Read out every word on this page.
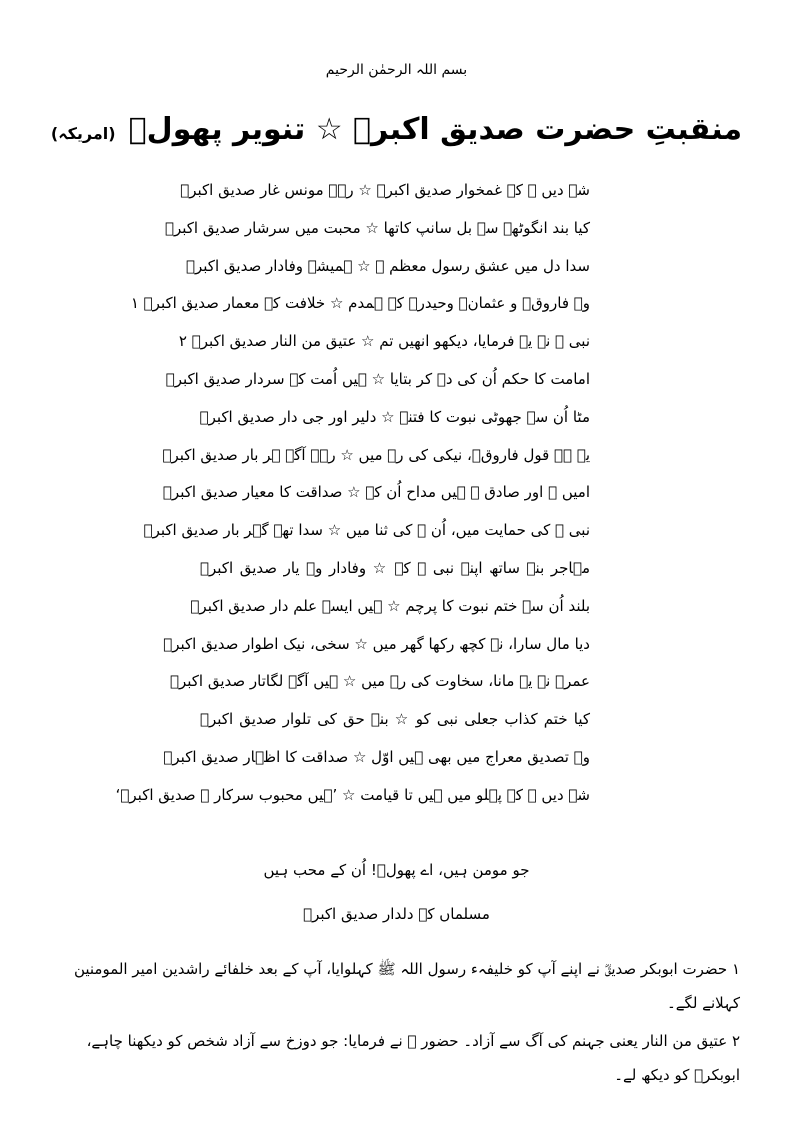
بسم اللہ الرحمٰن الرحیم
منقبتِ حضرت صدیق اکبرؓ ☆ تنویر پھولؔ (امریکہ)
شہ دیں ﷺ کے غمخوار صدیق اکبرؓ ☆ رہے مونس غار صدیق اکبرؓ
کیا بند انگوٹھے سے بل سانپ کاتھا ☆ محبت میں سرشار صدیق اکبرؓ
سدا دل میں عشق رسول معظم ﷺ ☆ ہمیشہ وفادار صدیق اکبرؓ
وہ فاروقؓ و عثمانؓ وحیدرؓ کے ہمدم ☆ خلافت کے معمار صدیق اکبرؓ ۱
نبی ﷺ نے یہ فرمایا، دیکھو انھیں تم ☆ عتیق من النار صدیق اکبرؓ ۲
امامت کا حکم اُن کی دے کر بتایا ☆ ہیں اُمت کے سردار صدیق اکبرؓ
مٹا اُن سے جھوٹی نبوت کا فتنہ ☆ دلیر اور جی دار صدیق اکبرؓ
یہ ہے قول فاروقؓ، نیکی کی رہ میں ☆ رہے آگے ہر بار صدیق اکبرؓ
امیں ﷺ اور صادق ﷺ ہیں مداح اُن کے ☆ صداقت کا معیار صدیق اکبرؓ
نبی ﷺ کی حمایت میں، اُن ﷺ کی ثنا میں ☆ سدا تھے گہر بار صدیق اکبرؓ
مہاجر بنے ساتھ اپنے نبی ﷺ کے ☆ وفادار وہ یار صدیق اکبرؓ
بلند اُن سے ختم نبوت کا پرچم ☆ ہیں ایسے علم دار صدیق اکبرؓ
دیا مال سارا، نہ کچھ رکھا گھر میں ☆ سخی، نیک اطوار صدیق اکبرؓ
عمرؓ نے یہ مانا، سخاوت کی رہ میں ☆ ہیں آگے لگاتار صدیق اکبرؓ
کیا ختم کذاب جعلی نبی کو ☆ بنے حق کی تلوار صدیق اکبرؓ
وہ تصدیق معراج میں بھی ہیں اوّل ☆ صداقت کا اظہار صدیق اکبرؓ
شہ دیں ﷺ کے پہلو میں ہیں تا قیامت ☆ ’ہیں محبوب سرکار ﷺ صدیق اکبرؓ‘
جو مومن ہیں، اے پھولؔ! اُن کے محب ہیں
مسلماں کے دلدار صدیق اکبرؓ
۱ حضرت ابوبکر صدیقؓ نے اپنے آپ کو خلیفہء رسول اللہ ﷺ کہلوایا، آپ کے بعد خلفائے راشدین امیر المومنین کہلانے لگے۔
۲ عتیق من النار یعنی جہنم کی آگ سے آزاد۔ حضور ﷺ نے فرمایا: جو دوزخ سے آزاد شخص کو دیکھنا چاہے، ابوبکرؓ کو دیکھ لے۔
